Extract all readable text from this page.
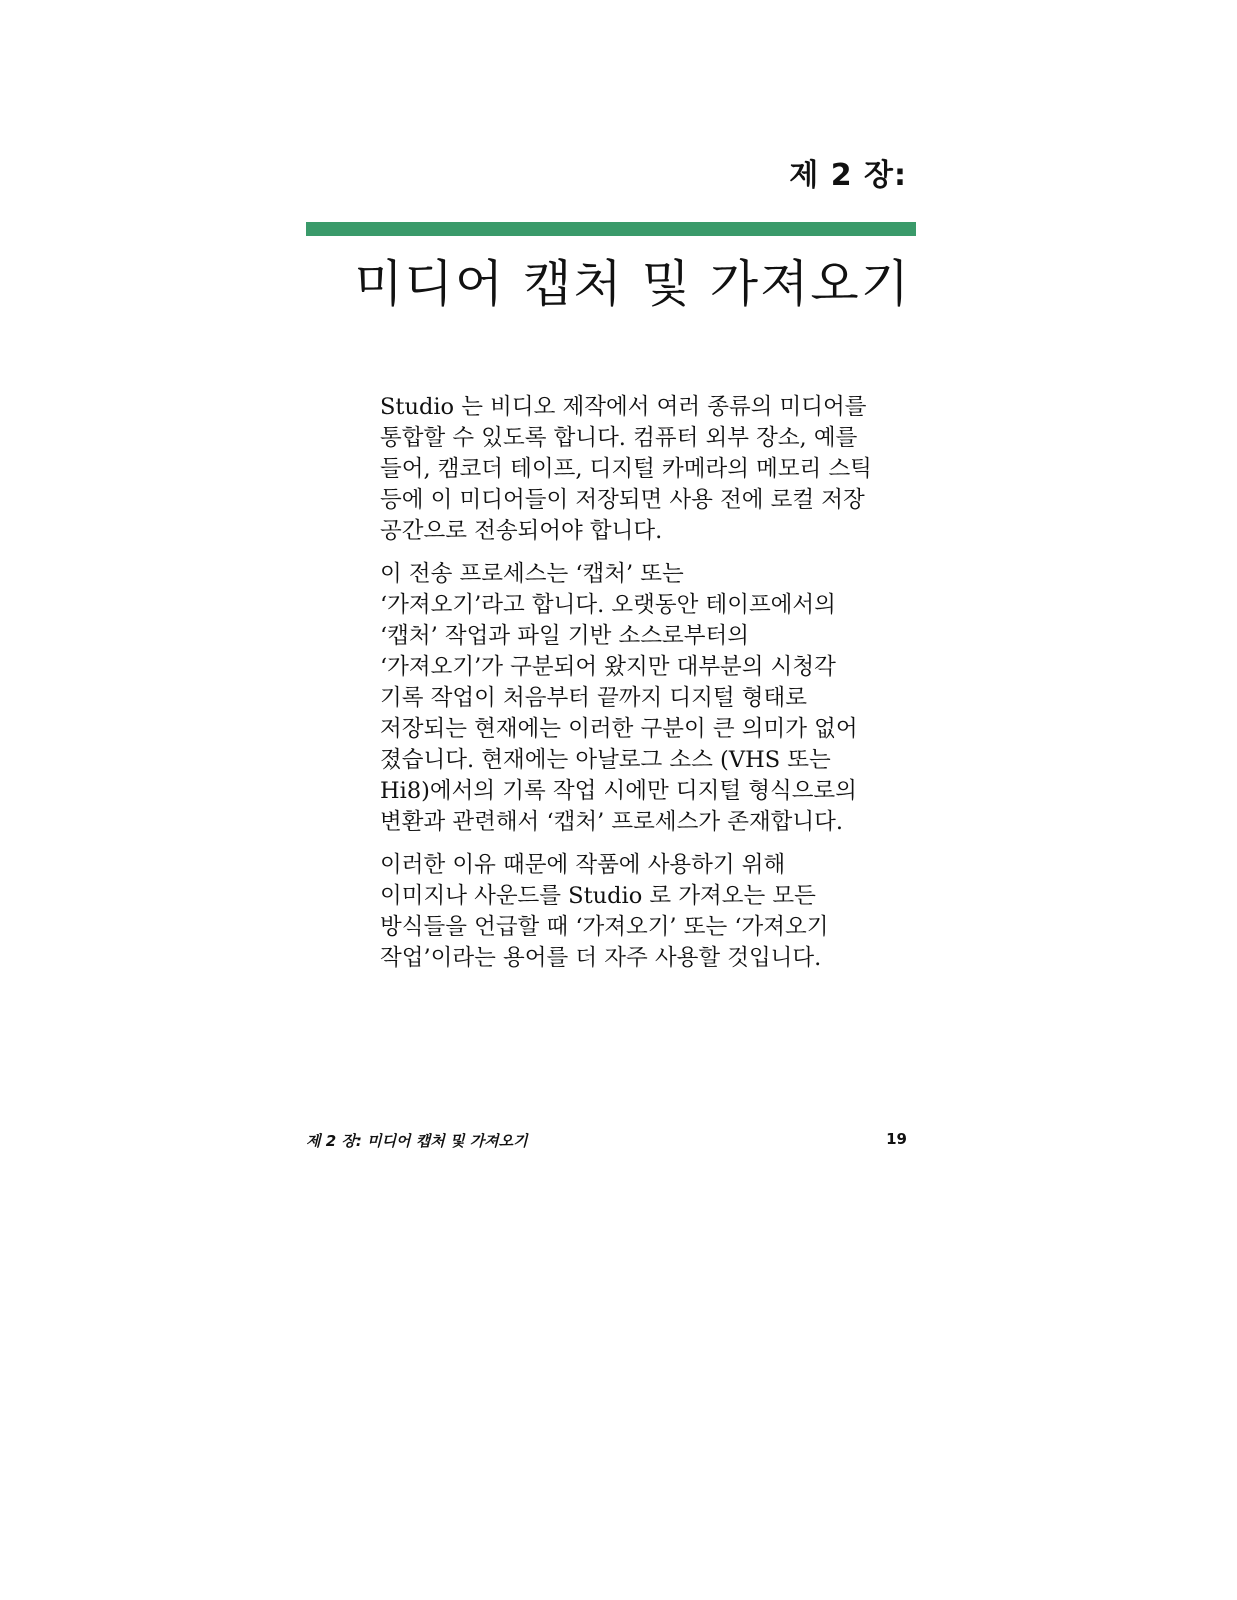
제 2 장:
미디어 캡처 및 가져오기

Studio 는 비디오 제작에서 여러 종류의 미디어를
통합할 수 있도록 합니다. 컴퓨터 외부 장소, 예를
들어, 캠코더 테이프, 디지털 카메라의 메모리 스틱
등에 이 미디어들이 저장되면 사용 전에 로컬 저장
공간으로 전송되어야 합니다.

이 전송 프로세스는 ‘캡처’ 또는
‘가져오기’라고 합니다. 오랫동안 테이프에서의
‘캡처’ 작업과 파일 기반 소스로부터의
‘가져오기’가 구분되어 왔지만 대부분의 시청각
기록 작업이 처음부터 끝까지 디지털 형태로
저장되는 현재에는 이러한 구분이 큰 의미가 없어
졌습니다. 현재에는 아날로그 소스 (VHS 또는
Hi8)에서의 기록 작업 시에만 디지털 형식으로의
변환과 관련해서 ‘캡처’ 프로세스가 존재합니다.

이러한 이유 때문에 작품에 사용하기 위해
이미지나 사운드를 Studio 로 가져오는 모든
방식들을 언급할 때 ‘가져오기’ 또는 ‘가져오기
작업’이라는 용어를 더 자주 사용할 것입니다.

제 2 장: 미디어 캡처 및 가져오기	19
